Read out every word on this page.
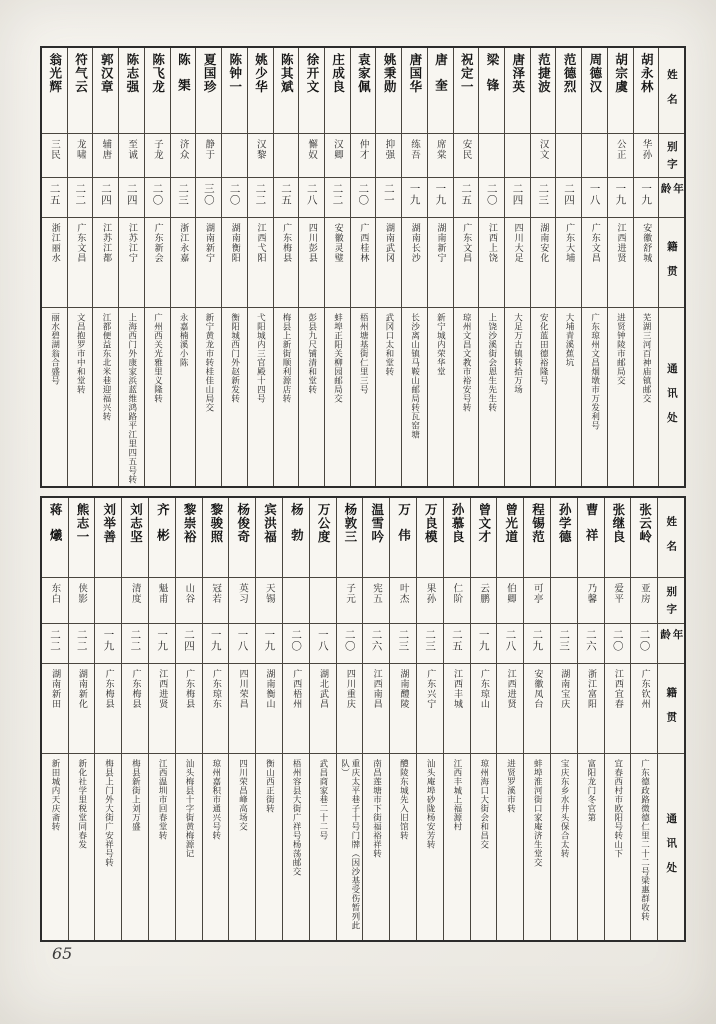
姓名
别字
年龄
籍贯
通讯处
胡永林
华孙
一九
安徽舒城
芜湖三河百神庙镇邮交
胡宗虞
公正
一九
江西进贤
进贤钟陵市邮局交
周德汉
一八
广东文昌
广东琼州文昌烟墩市万发利号
范德烈
二四
广东大埔
大埔青溪蕉坑
范捷波
汉文
二三
湖南安化
安化蓝田德裕隆号
唐泽英
二四
四川大足
大足万古镇转拾万场
梁锋
二〇
江西上饶
上饶沙溪街会恩生先生转
祝定一
安民
二五
广东文昌
琼州文昌文教市裕安号转
唐奎
席棠
一九
湖南新宁
新宁城内荣华堂
唐国华
练吾
一九
湖南长沙
长沙离山镇马鞍山邮局转瓦窑塘
姚秉勋
抑强
二一
湖南武冈
武冈口太和堂转
袁家佩
仲才
二〇
广西桂林
梧州塘基街仁里三号
庄成良
汉卿
二二
安徽灵璧
蚌埠正阳关柳园邮局交
徐开文
懈奴
二八
四川彭县
彭县九尺铺清和堂转
陈其斌
二五
广东梅县
梅县上新街顺利源店转
姚少华
汉黎
二二
江西弋阳
弋阳城内三官殿十四号
陈钟一
二〇
湖南衡阳
衡阳城西门外赵新发转
夏国珍
静于
三〇
湖南新宁
新宁黄龙市转桂佳山局交
陈榘
济众
二三
浙江永嘉
永嘉楠溪小陈
陈飞龙
子龙
二〇
广东新会
广州西关光雅里义隆转
陈志强
至诚
二四
江苏江宁
上海西门外康家浜蓝维鸿路平江里四五号转
郭汉章
辅唐
二四
江苏江都
江都便益东北米巷迎福兴转
符气云
龙啸
二二
广东文昌
文昌抱罗市中和堂转
翁光辉
三民
二五
浙江丽水
丽水碧湖翁合盛号
姓名
别字
年龄
籍贯
通讯处
张云岭
亚房
二〇
广东钦州
广东德政路微德仁里二十二号梁惠群收转
张继良
爱平
二〇
江西宜春
宜春西村市欧阳号转山下
曹祥
乃馨
二六
浙江富阳
富阳龙门冬官第
孙学德
二三
湖南宝庆
宝庆东乡水井头保合太转
程锡范
可亭
二九
安徽凤台
蚌埠淮河街口家庵济生堂交
曾光道
伯卿
二八
江西进贤
进贤罗溪市转
曾文才
云鹏
一九
广东琼山
琼州海口大街会和昌交
孙慕良
仁阶
二五
江西丰城
江西丰城上福源村
万良模
果孙
二三
广东兴宁
汕头庵埠砂陇杨安芳转
万伟
叶杰
二三
湖南醴陵
醴陵东城先入旧馆转
温雪吟
宪五
二六
江西南昌
南昌莲塘市下街福裕祥转
杨敦三
子元
二〇
四川重庆
重庆太平巷子十号门牌（因沙基受伤暂列此队）
万公度
一八
湖北武昌
武昌商家巷二十二号
杨勃
二〇
广西梧州
梧州容县大街广祥号杨荡邮交
宾洪福
天锡
一九
湖南衡山
衡山西正街转
杨俊奇
英习
一八
四川荣昌
四川荣昌峰高场交
黎骏照
冠若
一九
广东琼东
琼州嘉积市通兴号转
黎崇裕
山谷
二四
广东梅县
汕头梅县十字街黄梅源记
齐彬
魁甫
一九
江西进贤
江西温圳市回春堂转
刘志坚
清度
二二
广东梅县
梅县新街上刘万盛
刘举善
一九
广东梅县
梅县上门外大街广安祥号转
熊志一
侠影
二二
湖南新化
新化社学里税堂同春发
蒋爔
东白
二二
湖南新田
新田城内天庆斋转
65
